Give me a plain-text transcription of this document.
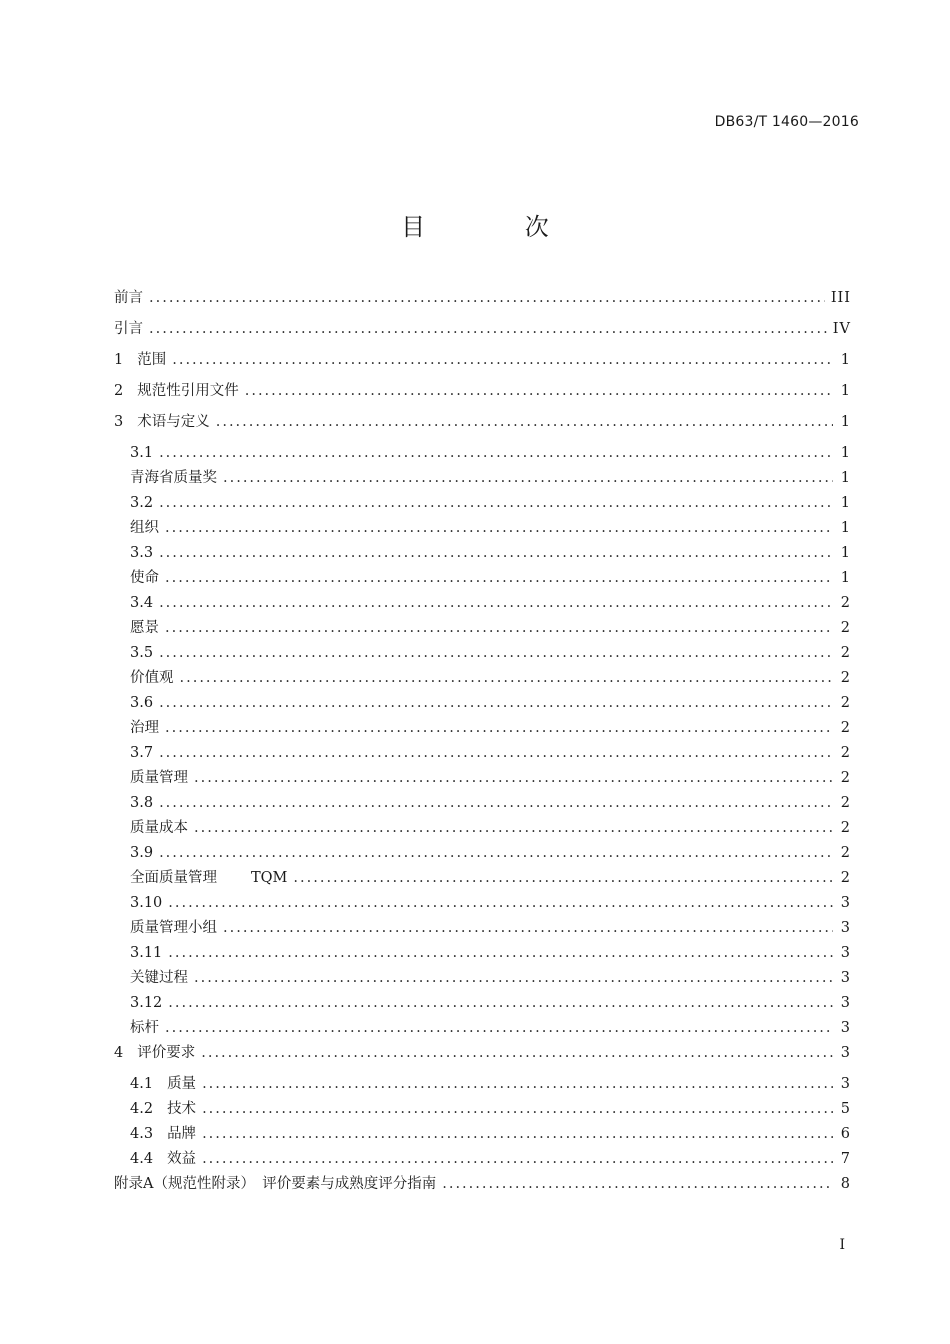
DB63/T 1460—2016
目 次
前言 .....	III
引言 .....	IV
1 范围 .....	1
2 规范性引用文件 .....	1
3 术语与定义 .....	1
3.1 .....	1
青海省质量奖 .....	1
3.2 .....	1
组织 .....	1
3.3 .....	1
使命 .....	1
3.4 .....	2
愿景 .....	2
3.5 .....	2
价值观 .....	2
3.6 .....	2
治理 .....	2
3.7 .....	2
质量管理 .....	2
3.8 .....	2
质量成本 .....	2
3.9 .....	2
全面质量管理 TQM .....	2
3.10 .....	3
质量管理小组 .....	3
3.11 .....	3
关键过程 .....	3
3.12 .....	3
标杆 .....	3
4 评价要求 .....	3
4.1 质量 .....	3
4.2 技术 .....	5
4.3 品牌 .....	6
4.4 效益 .....	7
附录A（规范性附录）　评价要素与成熟度评分指南 .....	8
I
